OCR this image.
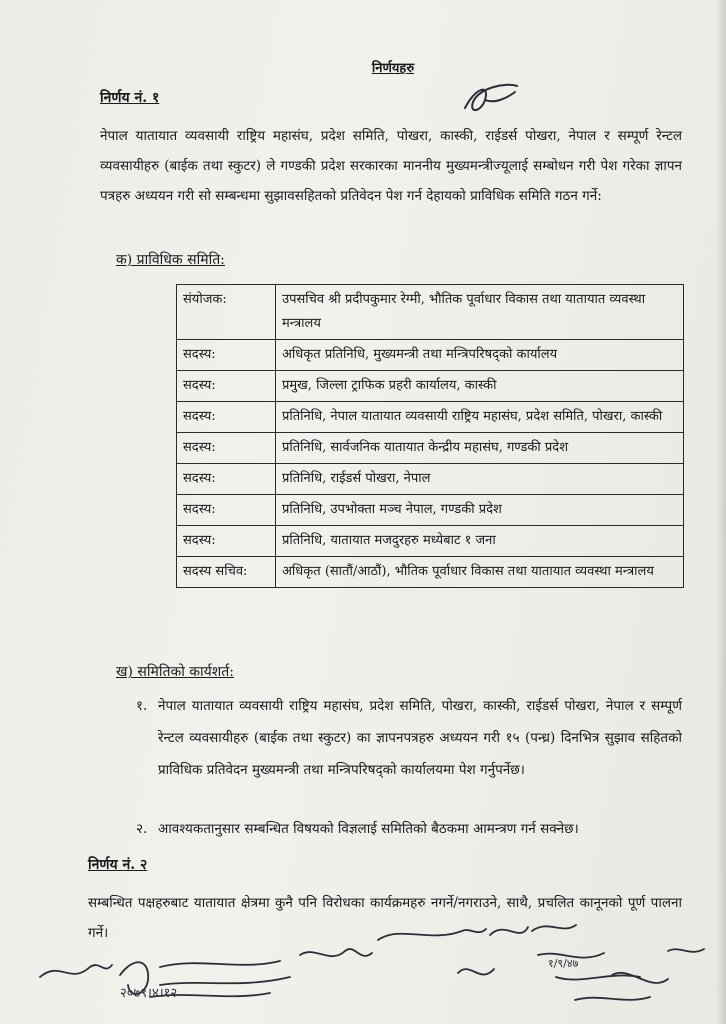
निर्णयहरु
निर्णय नं. १
नेपाल यातायात व्यवसायी राष्ट्रिय महासंघ, प्रदेश समिति, पोखरा, कास्की, राईडर्स पोखरा, नेपाल र सम्पूर्ण रेन्टल व्यवसायीहरु (बाईक तथा स्कुटर) ले गण्डकी प्रदेश सरकारका माननीय मुख्यमन्त्रीज्यूलाई सम्बोधन गरी पेश गरेका ज्ञापन पत्रहरु अध्ययन गरी सो सम्बन्धमा सुझावसहितको प्रतिवेदन पेश गर्न देहायको प्राविधिक समिति गठन गर्ने:
क) प्राविधिक समिति:
संयोजक:	उपसचिव श्री प्रदीपकुमार रेग्मी, भौतिक पूर्वाधार विकास तथा यातायात व्यवस्था मन्त्रालय
सदस्य:	अधिकृत प्रतिनिधि, मुख्यमन्त्री तथा मन्त्रिपरिषद्को कार्यालय
सदस्य:	प्रमुख, जिल्ला ट्राफिक प्रहरी कार्यालय, कास्की
सदस्य:	प्रतिनिधि, नेपाल यातायात व्यवसायी राष्ट्रिय महासंघ, प्रदेश समिति, पोखरा, कास्की
सदस्य:	प्रतिनिधि, सार्वजनिक यातायात केन्द्रीय महासंघ, गण्डकी प्रदेश
सदस्य:	प्रतिनिधि, राईडर्स पोखरा, नेपाल
सदस्य:	प्रतिनिधि, उपभोक्ता मञ्च नेपाल, गण्डकी प्रदेश
सदस्य:	प्रतिनिधि, यातायात मजदुरहरु मध्येबाट १ जना
सदस्य सचिव:	अधिकृत (सातौं/आठौं), भौतिक पूर्वाधार विकास तथा यातायात व्यवस्था मन्त्रालय
ख) समितिको कार्यशर्त:
१. नेपाल यातायात व्यवसायी राष्ट्रिय महासंघ, प्रदेश समिति, पोखरा, कास्की, राईडर्स पोखरा, नेपाल र सम्पूर्ण रेन्टल व्यवसायीहरु (बाईक तथा स्कुटर) का ज्ञापनपत्रहरु अध्ययन गरी १५ (पन्ध्र) दिनभित्र सुझाव सहितको प्राविधिक प्रतिवेदन मुख्यमन्त्री तथा मन्त्रिपरिषद्को कार्यालयमा पेश गर्नुपर्नेछ।
२. आवश्यकतानुसार सम्बन्धित विषयको विज्ञलाई समितिको बैठकमा आमन्त्रण गर्न सक्नेछ।
निर्णय नं. २
सम्बन्धित पक्षहरुबाट यातायात क्षेत्रमा कुनै पनि विरोधका कार्यक्रमहरु नगर्ने/नगराउने, साथै, प्रचलित कानूनको पूर्ण पालना गर्ने।
२०७९।४।१२
१/९/४७
